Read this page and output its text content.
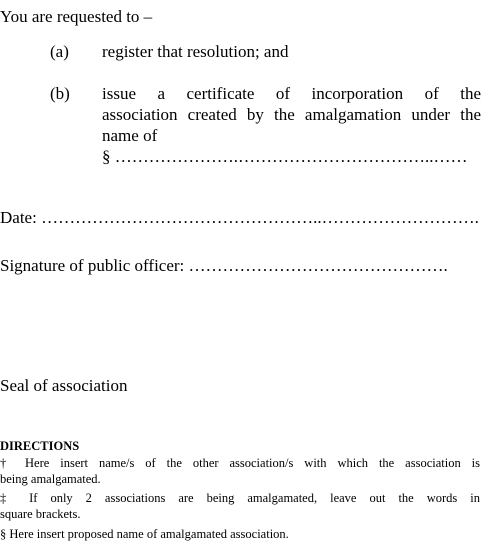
You are requested to –
(a) register that resolution; and
(b) issue a certificate of incorporation of the
association created by the amalgamation under the
name of
§ ………………….……………………………..……
Date: …………………………………………..……………………….
Signature of public officer: ……………………………………….
Seal of association
DIRECTIONS
† Here insert name/s of the other association/s with which the association is
being amalgamated.
‡ If only 2 associations are being amalgamated, leave out the words in
square brackets.
§ Here insert proposed name of amalgamated association.
